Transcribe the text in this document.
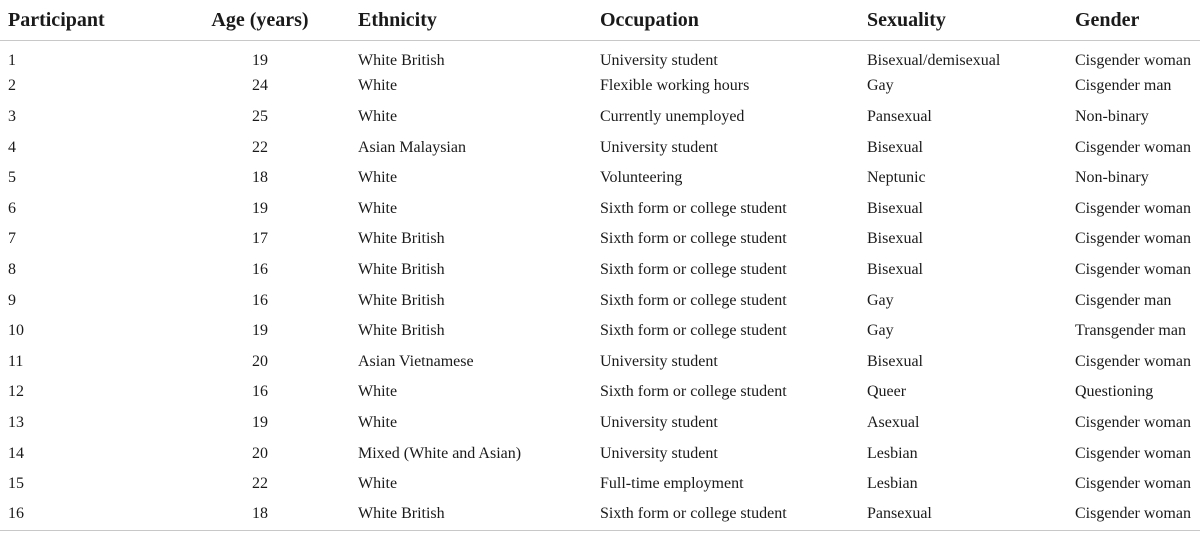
Participant	Age (years)	Ethnicity	Occupation	Sexuality	Gender
1	19	White British	University student	Bisexual/demisexual	Cisgender woman
2	24	White	Flexible working hours	Gay	Cisgender man
3	25	White	Currently unemployed	Pansexual	Non-binary
4	22	Asian Malaysian	University student	Bisexual	Cisgender woman
5	18	White	Volunteering	Neptunic	Non-binary
6	19	White	Sixth form or college student	Bisexual	Cisgender woman
7	17	White British	Sixth form or college student	Bisexual	Cisgender woman
8	16	White British	Sixth form or college student	Bisexual	Cisgender woman
9	16	White British	Sixth form or college student	Gay	Cisgender man
10	19	White British	Sixth form or college student	Gay	Transgender man
11	20	Asian Vietnamese	University student	Bisexual	Cisgender woman
12	16	White	Sixth form or college student	Queer	Questioning
13	19	White	University student	Asexual	Cisgender woman
14	20	Mixed (White and Asian)	University student	Lesbian	Cisgender woman
15	22	White	Full-time employment	Lesbian	Cisgender woman
16	18	White British	Sixth form or college student	Pansexual	Cisgender woman
